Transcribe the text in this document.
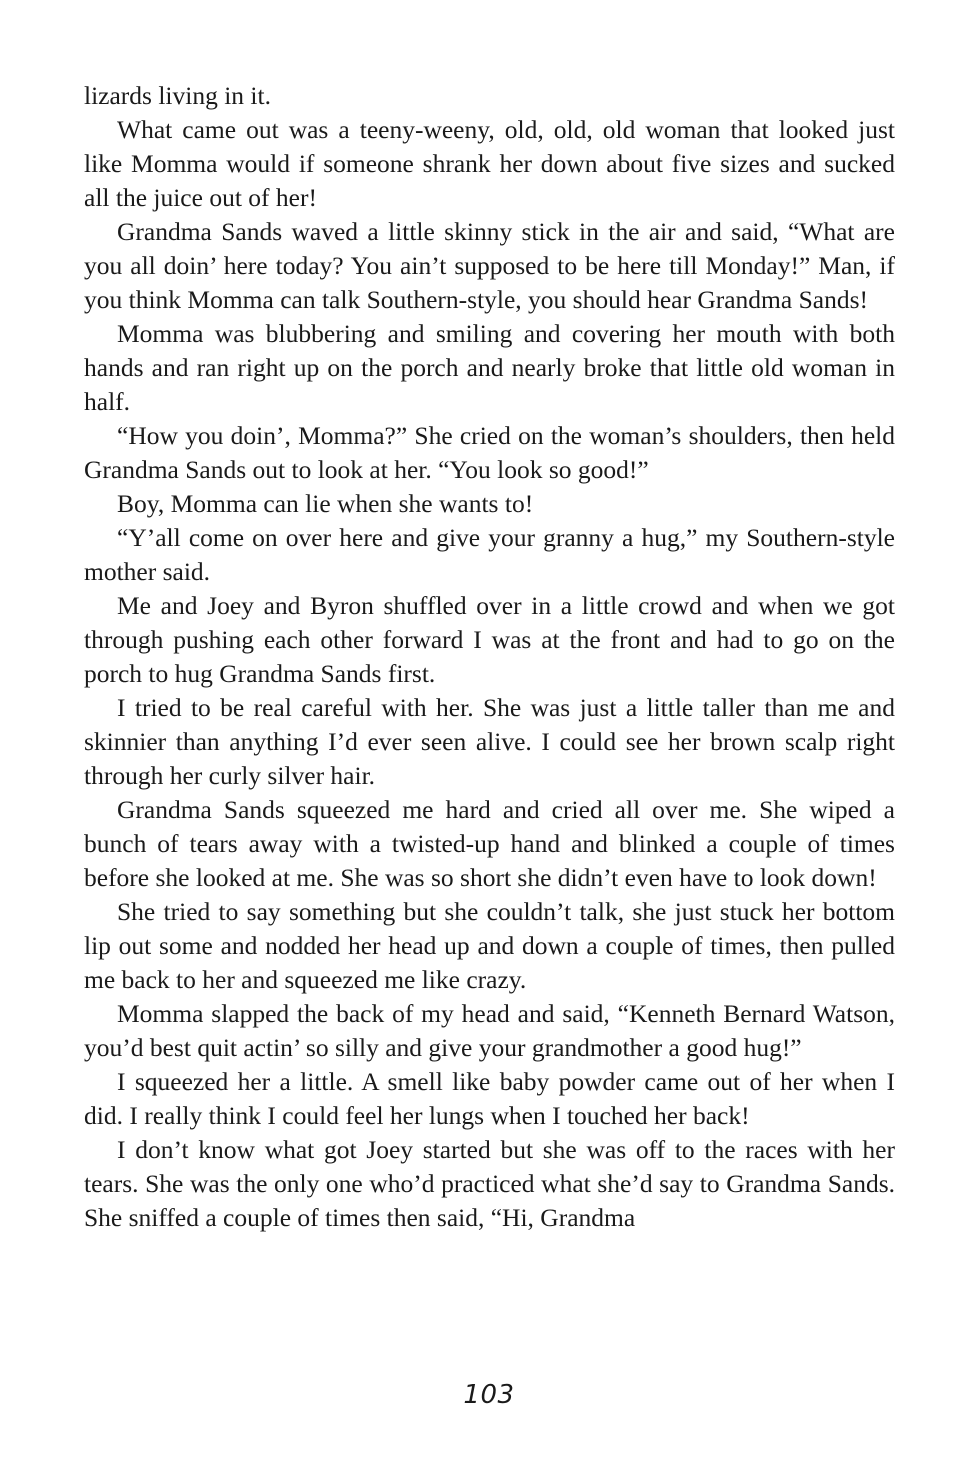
lizards living in it.

What came out was a teeny-weeny, old, old, old woman that looked just like Momma would if someone shrank her down about five sizes and sucked all the juice out of her!

Grandma Sands waved a little skinny stick in the air and said, “What are you all doin’ here today? You ain’t supposed to be here till Monday!” Man, if you think Momma can talk Southern-style, you should hear Grandma Sands!

Momma was blubbering and smiling and covering her mouth with both hands and ran right up on the porch and nearly broke that little old woman in half.

“How you doin’, Momma?” She cried on the woman’s shoulders, then held Grandma Sands out to look at her. “You look so good!”

Boy, Momma can lie when she wants to!

“Y’all come on over here and give your granny a hug,” my Southern-style mother said.

Me and Joey and Byron shuffled over in a little crowd and when we got through pushing each other forward I was at the front and had to go on the porch to hug Grandma Sands first.

I tried to be real careful with her. She was just a little taller than me and skinnier than anything I’d ever seen alive. I could see her brown scalp right through her curly silver hair.

Grandma Sands squeezed me hard and cried all over me. She wiped a bunch of tears away with a twisted-up hand and blinked a couple of times before she looked at me. She was so short she didn’t even have to look down!

She tried to say something but she couldn’t talk, she just stuck her bottom lip out some and nodded her head up and down a couple of times, then pulled me back to her and squeezed me like crazy.

Momma slapped the back of my head and said, “Kenneth Bernard Watson, you’d best quit actin’ so silly and give your grandmother a good hug!”

I squeezed her a little. A smell like baby powder came out of her when I did. I really think I could feel her lungs when I touched her back!

I don’t know what got Joey started but she was off to the races with her tears. She was the only one who’d practiced what she’d say to Grandma Sands. She sniffed a couple of times then said, “Hi, Grandma

103
